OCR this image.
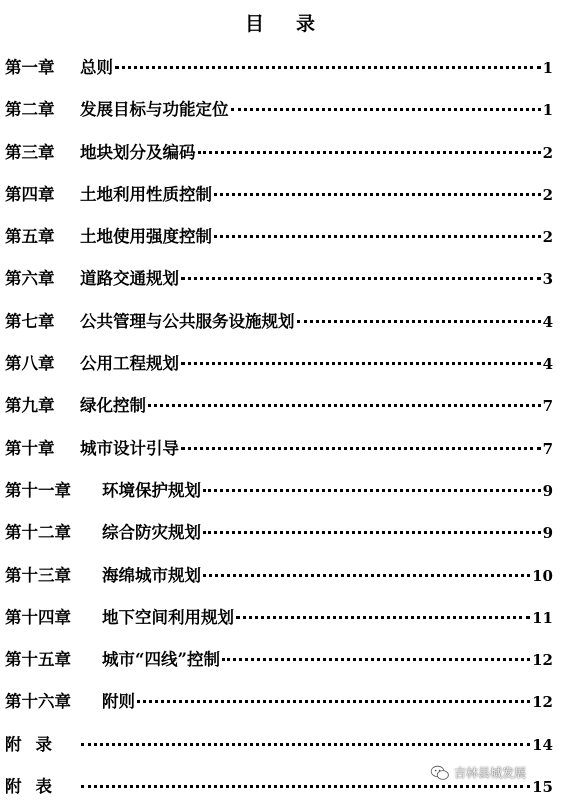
目 录
第一章	总则	1
第二章	发展目标与功能定位	1
第三章	地块划分及编码	2
第四章	土地利用性质控制	2
第五章	土地使用强度控制	2
第六章	道路交通规划	3
第七章	公共管理与公共服务设施规划	4
第八章	公用工程规划	4
第九章	绿化控制	7
第十章	城市设计引导	7
第十一章	环境保护规划	9
第十二章	综合防灾规划	9
第十三章	海绵城市规划	10
第十四章	地下空间利用规划	11
第十五章	城市“四线”控制	12
第十六章	附则	12
附录	14
附表	15
吉林县城发展
